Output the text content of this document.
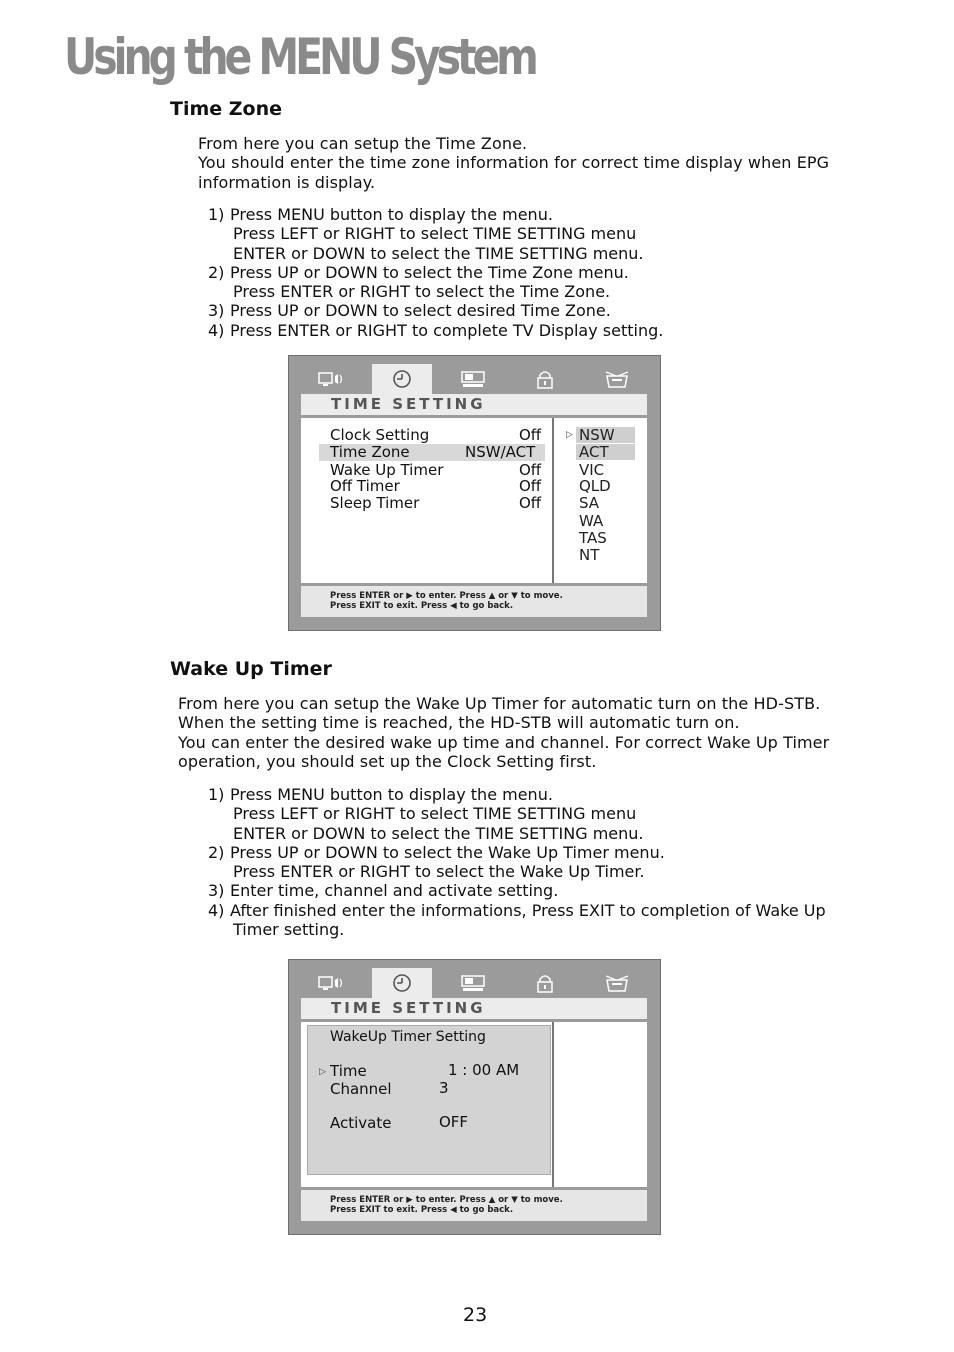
Using the MENU System
Time Zone
From here you can setup the Time Zone.
You should enter the time zone information for correct time display when EPG
information is display.
1) Press MENU button to display the menu.
Press LEFT or RIGHT to select TIME SETTING menu
ENTER or DOWN to select the TIME SETTING menu.
2) Press UP or DOWN to select the Time Zone menu.
Press ENTER or RIGHT to select the Time Zone.
3) Press UP or DOWN to select desired Time Zone.
4) Press ENTER or RIGHT to complete TV Display setting.
TIME SETTING
Clock Setting	Off
Time Zone	NSW/ACT
Wake Up Timer	Off
Off Timer	Off
Sleep Timer	Off
▷ NSW
ACT
VIC
QLD
SA
WA
TAS
NT
Press ENTER or ▶ to enter. Press ▲ or ▼ to move.
Press EXIT to exit. Press ◀ to go back.
Wake Up Timer
From here you can setup the Wake Up Timer for automatic turn on the HD-STB.
When the setting time is reached, the HD-STB will automatic turn on.
You can enter the desired wake up time and channel. For correct Wake Up Timer
operation, you should set up the Clock Setting first.
1) Press MENU button to display the menu.
Press LEFT or RIGHT to select TIME SETTING menu
ENTER or DOWN to select the TIME SETTING menu.
2) Press UP or DOWN to select the Wake Up Timer menu.
Press ENTER or RIGHT to select the Wake Up Timer.
3) Enter time, channel and activate setting.
4) After finished enter the informations, Press EXIT to completion of Wake Up
Timer setting.
TIME SETTING
WakeUp Timer Setting
▷ Time	1 : 00 AM
Channel	3
Activate	OFF
Press ENTER or ▶ to enter. Press ▲ or ▼ to move.
Press EXIT to exit. Press ◀ to go back.
23
